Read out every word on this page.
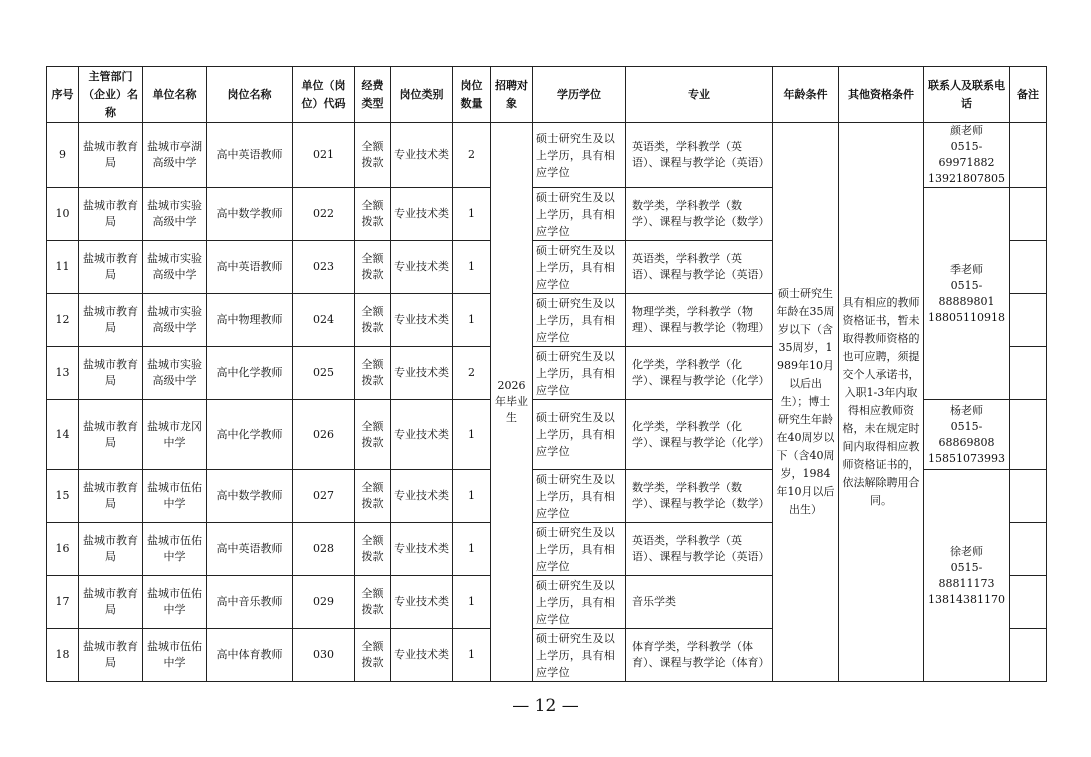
序号	主管部门（企业）名称	单位名称	岗位名称	单位（岗位）代码	经费类型	岗位类别	岗位数量	招聘对象	学历学位	专业	年龄条件	其他资格条件	联系人及联系电话	备注
9	盐城市教育局	盐城市亭湖高级中学	高中英语教师	021	全额拨款	专业技术类	2	2026年毕业生	硕士研究生及以上学历，具有相应学位	英语类，学科教学（英语）、课程与教学论（英语）	硕士研究生年龄在35周岁以下（含35周岁，1989年10月以后出生）；博士研究生年龄在40周岁以下（含40周岁，1984年10月以后出生）	具有相应的教师资格证书，暂未取得教师资格的也可应聘，须提交个人承诺书，入职1-3年内取得相应教师资格，未在规定时间内取得相应教师资格证书的，依法解除聘用合同。	颜老师
0515-
69971882
13921807805	

10	盐城市教育局	盐城市实验高级中学	高中数学教师	022	全额拨款	专业技术类	1		硕士研究生及以上学历，具有相应学位	数学类，学科教学（数学）、课程与教学论（数学）			季老师
0515-
88889801
18805110918	

11	盐城市教育局	盐城市实验高级中学	高中英语教师	023	全额拨款	专业技术类	1		硕士研究生及以上学历，具有相应学位	英语类，学科教学（英语）、课程与教学论（英语）				
12	盐城市教育局	盐城市实验高级中学	高中物理教师	024	全额拨款	专业技术类	1		硕士研究生及以上学历，具有相应学位	物理学类，学科教学（物理）、课程与教学论（物理）				
13	盐城市教育局	盐城市实验高级中学	高中化学教师	025	全额拨款	专业技术类	2		硕士研究生及以上学历，具有相应学位	化学类，学科教学（化学）、课程与教学论（化学）				
14	盐城市教育局	盐城市龙冈中学	高中化学教师	026	全额拨款	专业技术类	1		硕士研究生及以上学历，具有相应学位	化学类，学科教学（化学）、课程与教学论（化学）			杨老师
0515-
68869808
15851073993	

15	盐城市教育局	盐城市伍佑中学	高中数学教师	027	全额拨款	专业技术类	1		硕士研究生及以上学历，具有相应学位	数学类，学科教学（数学）、课程与教学论（数学）			徐老师
0515-
88811173
13814381170	

16	盐城市教育局	盐城市伍佑中学	高中英语教师	028	全额拨款	专业技术类	1		硕士研究生及以上学历，具有相应学位	英语类，学科教学（英语）、课程与教学论（英语）				
17	盐城市教育局	盐城市伍佑中学	高中音乐教师	029	全额拨款	专业技术类	1		硕士研究生及以上学历，具有相应学位	音乐学类				
18	盐城市教育局	盐城市伍佑中学	高中体育教师	030	全额拨款	专业技术类	1		硕士研究生及以上学历，具有相应学位	体育学类，学科教学（体育）、课程与教学论（体育）				
— 12 —
